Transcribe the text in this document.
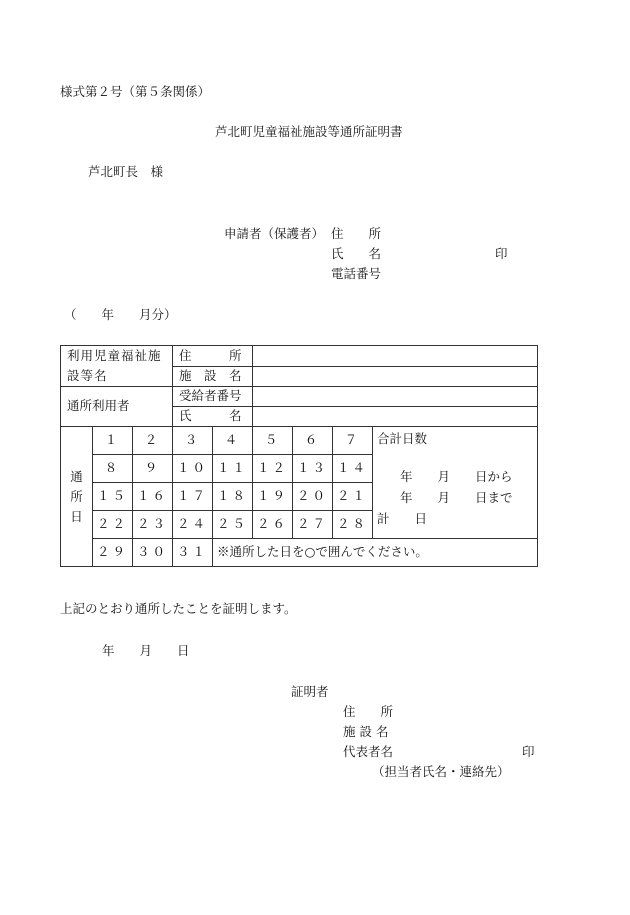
様式第２号（第５条関係）
芦北町児童福祉施設等通所証明書
芦北町長　様
申請者（保護者） 住　　所
氏　　名	印
電話番号
（　　年　　月分）
利用児童福祉施設等名			住　　　所					
			施　設　名					
通所利用者			受給者番号					
			氏　　　名					

通所日	１	２	３	４	５	６	７	合計日数
年　　月　　日から
年　　月　　日まで
計　　日

	８	９	１０	１１	１２	１３	１４	
	１５	１６	１７	１８	１９	２０	２１	
	２２	２３	２４	２５	２６	２７	２８	
	２９	３０	３１	※通所した日を○で囲んでください。				
上記のとおり通所したことを証明します。
年　　月　　日
証明者
住　　所
施 設 名
代表者名	印
（担当者氏名・連絡先）
